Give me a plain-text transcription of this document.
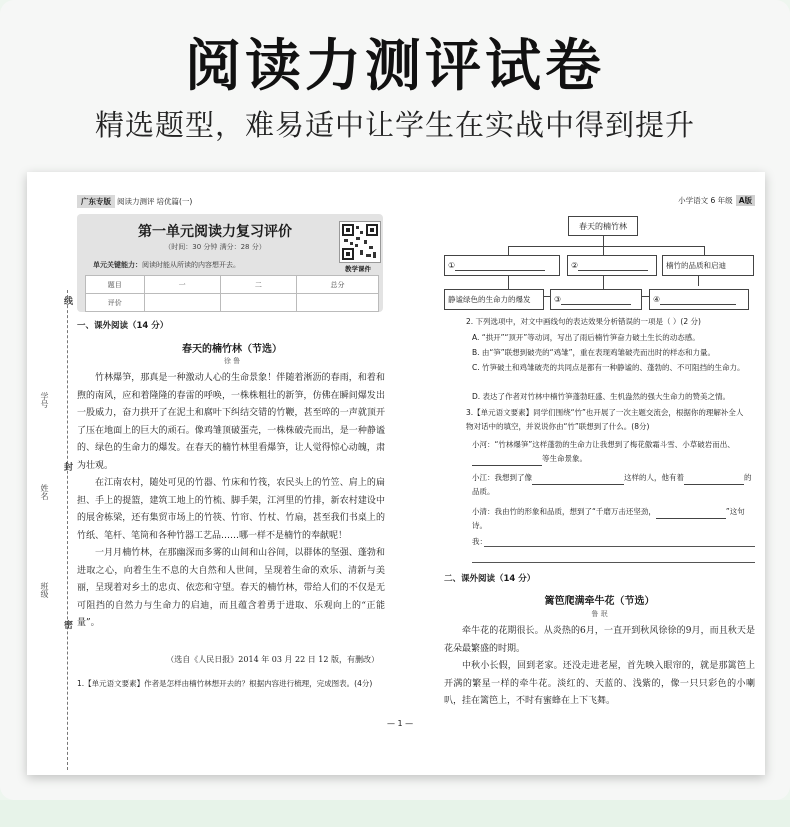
阅读力测评试卷
精选题型，难易适中让学生在实战中得到提升
线
学号
封
姓名
班级
密
广东专版 阅读力测评 培优篇(一)
第一单元阅读力复习评价
（时间：30 分钟 满分：28 分）
单元关键能力：阅读时能从所读的内容想开去。	教学课件
题目	一	二	总分
评价			
一、课外阅读（14 分）
春天的楠竹林（节选）
徐 鲁

竹林爆笋，那真是一种激动人心的生命景象！伴随着淅沥的春雨，和着和煦的南风，应和着隆隆的春雷的呼唤，一株株粗壮的新笋，仿佛在瞬间爆发出一股威力，奋力拱开了在泥土和腐叶下纠结交错的竹鞭，甚至啐的一声就顶开了压在地面上的巨大的顽石。像鸡雏顶破蛋壳，一株株破壳而出，是一种静谧的、绿色的生命力的爆发。在春天的楠竹林里看爆笋，让人觉得惊心动魄，肃为壮观。

在江南农村，随处可见的竹器、竹床和竹筏，农民头上的竹笠、肩上的扁担、手上的提篮，建筑工地上的竹梳、脚手架，江河里的竹排，新农村建设中的展舍栋梁，还有集贸市场上的竹筷、竹帘、竹杖、竹扇，甚至我们书桌上的竹纸、笔杆、笔筒和各种竹器工艺品……哪一样不是楠竹的奉献呢！

一月月楠竹林，在那幽深而多雾的山间和山谷间，以群体的坚强、蓬勃和进取之心，向着生生不息的大自然和人世间，呈现着生命的欢乐、清新与美丽，呈现着对乡土的忠贞、依恋和守望。春天的楠竹林，带给人们的不仅是无可阻挡的自然力与生命力的启迪，而且蕴含着勇于进取、乐观向上的“正能量”。

（选自《人民日报》2014 年 03 月 22 日 12 版，有删改）
1.【单元语文要素】作者是怎样由楠竹林想开去的？根据内容进行梳理，完成图表。(4分)
— 1 —
小学语文 6 年级 A版
春天的楠竹林
①	②	楠竹的品质和启迪
静谧绿色的生命力的爆发	③	④
2. 下列选项中，对文中画线句的表达效果分析错误的一项是（ ）(2 分)
A. “拱开”“顶开”等动词，写出了雨后楠竹笋奋力破土生长的动态感。
B. 由“笋”联想到破壳的“鸡雏”，重在表现鸡雏破壳而出时的样态和力量。
C. 竹笋破土和鸡雏破壳的共同点是都有一种静谧的、蓬勃的、不可阻挡的生命力。
D. 表达了作者对竹林中楠竹笋蓬勃旺盛、生机盎然的强大生命力的赞美之情。
3.【单元语文要素】同学们围绕“竹”也开展了一次主题交流会，根据你的理解补全人物对话中的填空，并说说你由“竹”联想到了什么。(8分)
小河：“竹林爆笋”这样蓬勃的生命力让我想到了梅花傲霜斗雪、小草破岩而出、等生命景象。
小江：我想到了像	这样的人，他有着	的品质。
小清：我由竹的形象和品质，想到了“千磨万击还坚劲，	”这句诗。
我：
二、课外阅读（14 分）
篱笆爬满牵牛花（节选）
鲁 珉

牵牛花的花期很长。从炎热的6月，一直开到秋风徐徐的9月，而且秋天是花朵最繁盛的时期。

中秋小长假，回到老家。还没走进老屋，首先映入眼帘的，就是那篱笆上开满的繁星一样的牵牛花。淡红的、天蓝的、浅紫的，像一只只彩色的小喇叭，挂在篱笆上，不时有蜜蜂在上下飞舞。
